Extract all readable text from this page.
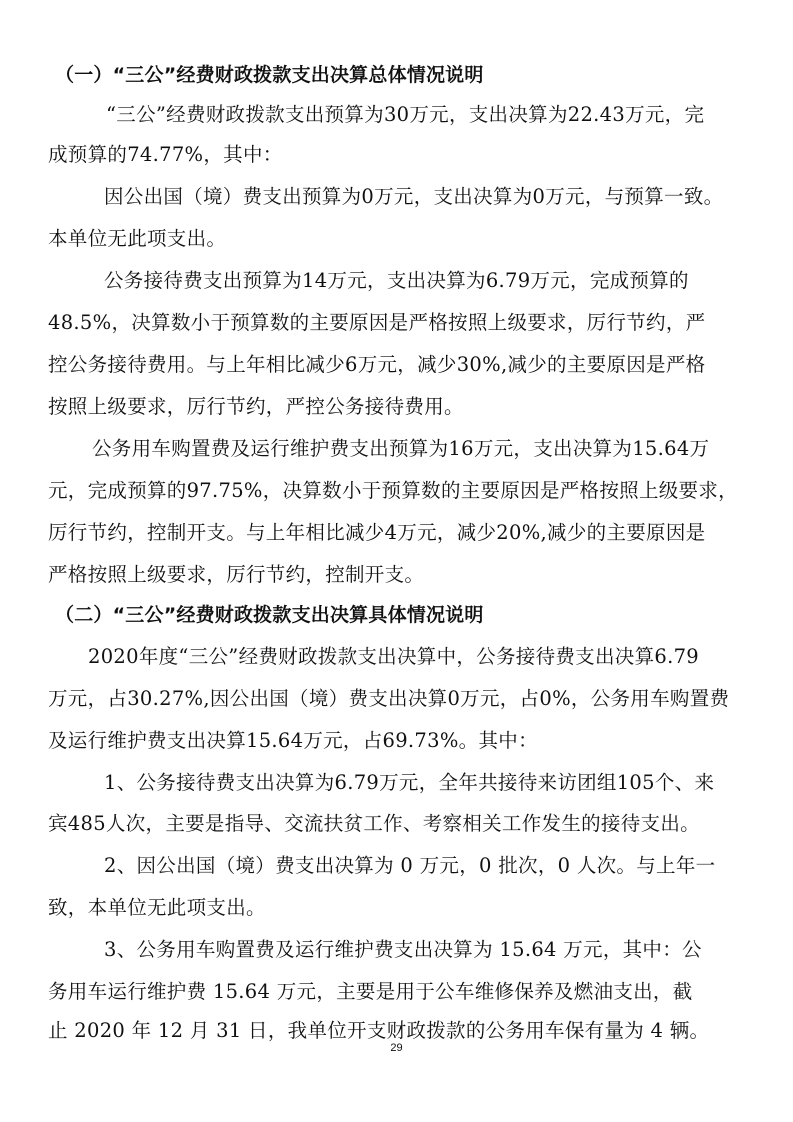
（一）“三公”经费财政拨款支出决算总体情况说明
“三公”经费财政拨款支出预算为30万元，支出决算为22.43万元，完
成预算的74.77%，其中：
因公出国（境）费支出预算为0万元，支出决算为0万元，与预算一致。
本单位无此项支出。
公务接待费支出预算为14万元，支出决算为6.79万元，完成预算的
48.5%，决算数小于预算数的主要原因是严格按照上级要求，厉行节约，严
控公务接待费用。与上年相比减少6万元，减少30%,减少的主要原因是严格
按照上级要求，厉行节约，严控公务接待费用。
公务用车购置费及运行维护费支出预算为16万元，支出决算为15.64万
元，完成预算的97.75%，决算数小于预算数的主要原因是严格按照上级要求，
厉行节约，控制开支。与上年相比减少4万元，减少20%,减少的主要原因是
严格按照上级要求，厉行节约，控制开支。
（二）“三公”经费财政拨款支出决算具体情况说明
2020年度“三公”经费财政拨款支出决算中，公务接待费支出决算6.79
万元，占30.27%,因公出国（境）费支出决算0万元，占0%，公务用车购置费
及运行维护费支出决算15.64万元，占69.73%。其中：
1、公务接待费支出决算为6.79万元，全年共接待来访团组105个、来
宾485人次，主要是指导、交流扶贫工作、考察相关工作发生的接待支出。
2、因公出国（境）费支出决算为 0 万元，0 批次，0 人次。与上年一
致，本单位无此项支出。
3、公务用车购置费及运行维护费支出决算为 15.64 万元，其中：公
务用车运行维护费 15.64 万元，主要是用于公车维修保养及燃油支出，截
止 2020 年 12 月 31 日，我单位开支财政拨款的公务用车保有量为 4 辆。
29
